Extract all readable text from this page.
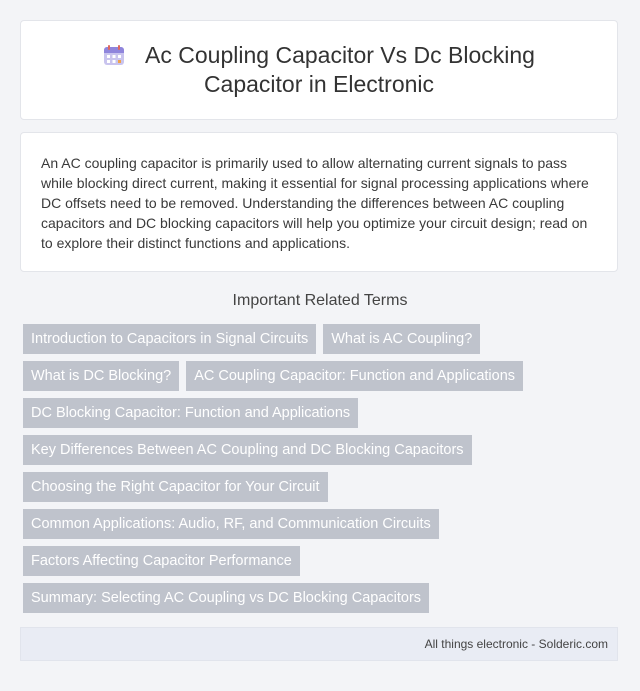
Ac Coupling Capacitor Vs Dc Blocking Capacitor in Electronic

An AC coupling capacitor is primarily used to allow alternating current signals to pass while blocking direct current, making it essential for signal processing applications where DC offsets need to be removed. Understanding the differences between AC coupling capacitors and DC blocking capacitors will help you optimize your circuit design; read on to explore their distinct functions and applications.

Important Related Terms
Introduction to Capacitors in Signal Circuits	What is AC Coupling?
What is DC Blocking?	AC Coupling Capacitor: Function and Applications
DC Blocking Capacitor: Function and Applications
Key Differences Between AC Coupling and DC Blocking Capacitors
Choosing the Right Capacitor for Your Circuit
Common Applications: Audio, RF, and Communication Circuits
Factors Affecting Capacitor Performance
Summary: Selecting AC Coupling vs DC Blocking Capacitors
All things electronic - Solderic.com
